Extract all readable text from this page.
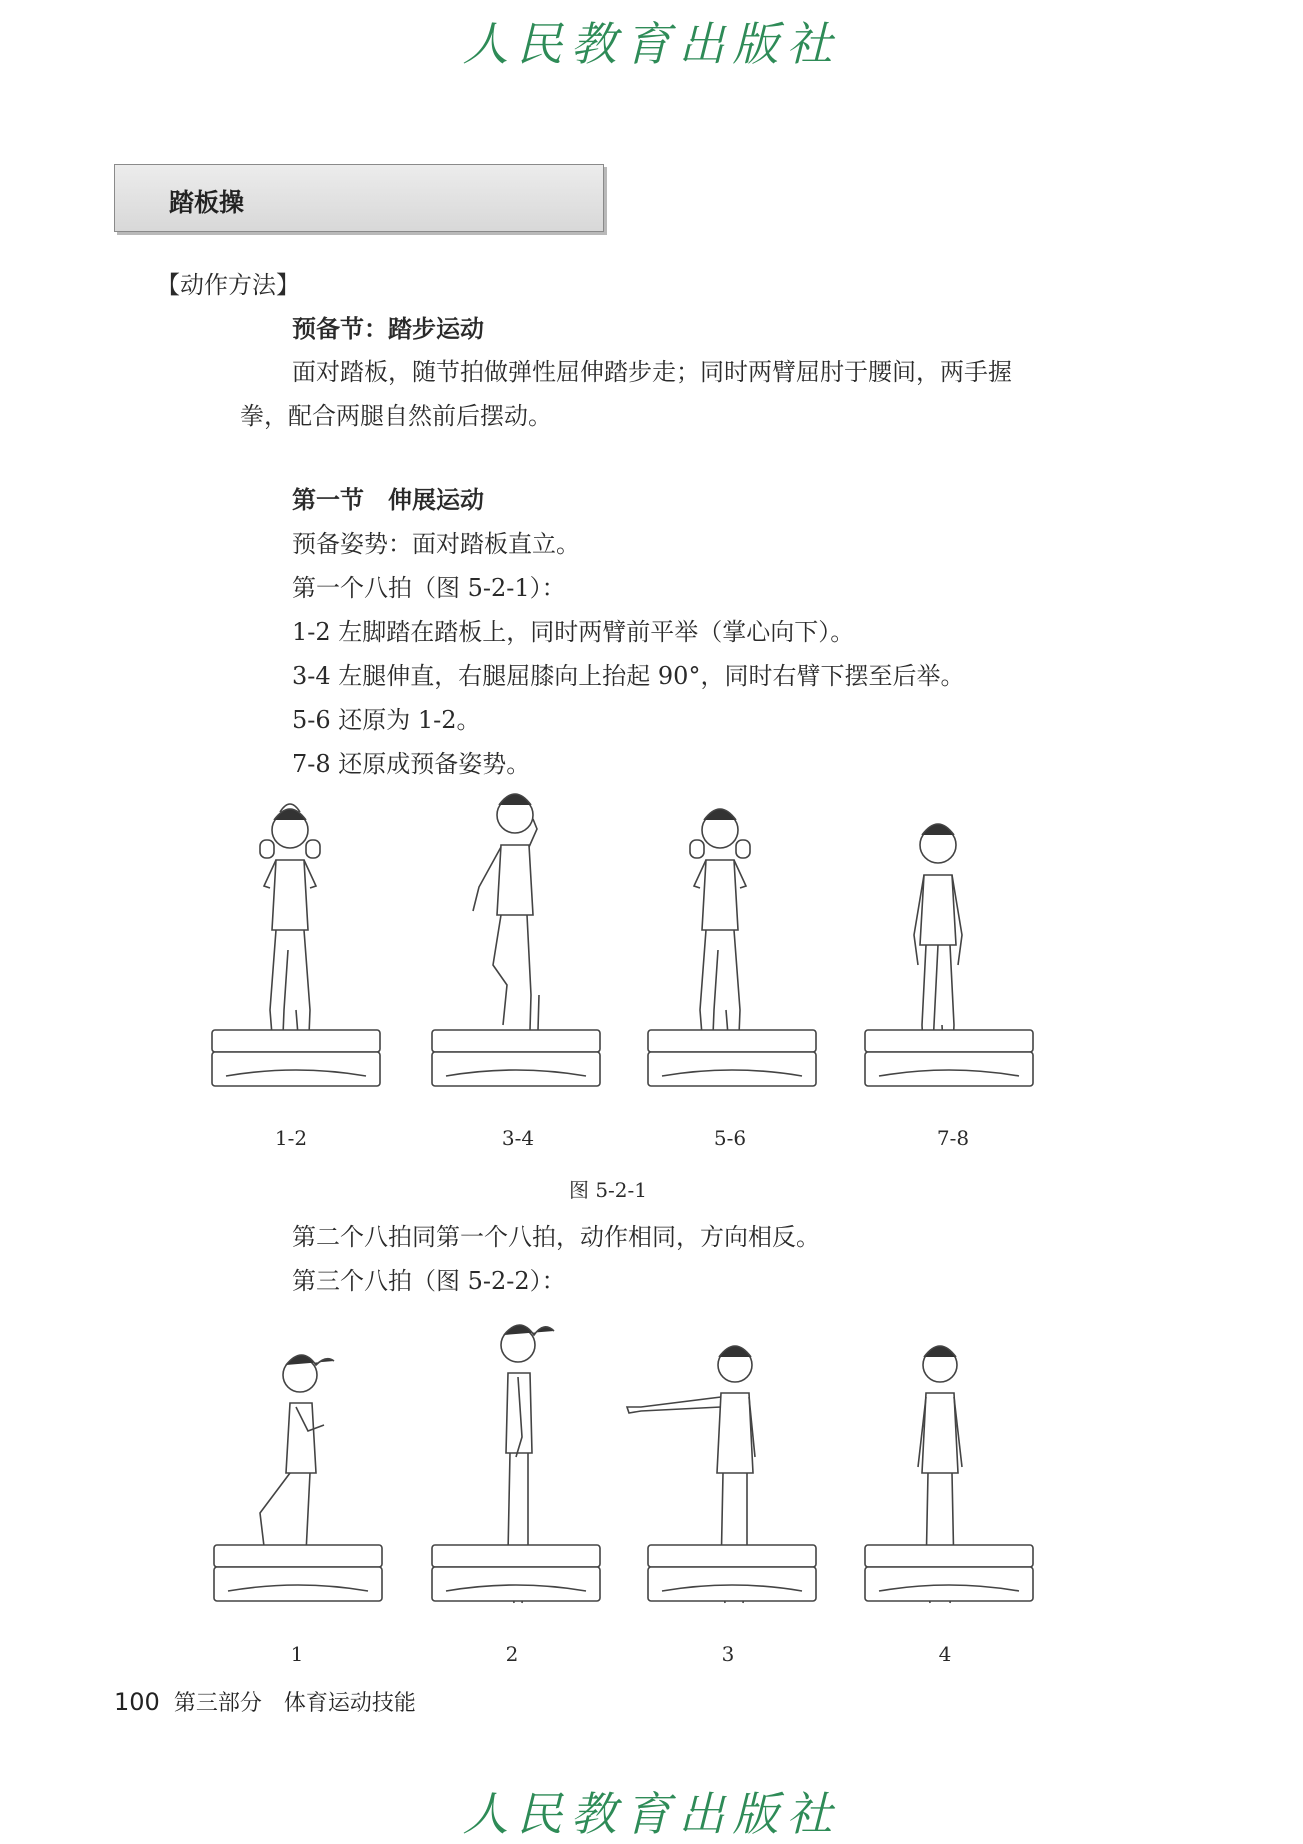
人民教育出版社
踏板操
【动作方法】
预备节：踏步运动
面对踏板，随节拍做弹性屈伸踏步走；同时两臂屈肘于腰间，两手握
拳，配合两腿自然前后摆动。
第一节　伸展运动
预备姿势：面对踏板直立。
第一个八拍（图 5-2-1）：
1-2 左脚踏在踏板上，同时两臂前平举（掌心向下）。
3-4 左腿伸直，右腿屈膝向上抬起 90°，同时右臂下摆至后举。
5-6 还原为 1-2。
7-8 还原成预备姿势。
1-2	3-4	5-6	7-8
图 5-2-1
第二个八拍同第一个八拍，动作相同，方向相反。
第三个八拍（图 5-2-2）：
1	2	3	4
100 第三部分　体育运动技能
人民教育出版社
